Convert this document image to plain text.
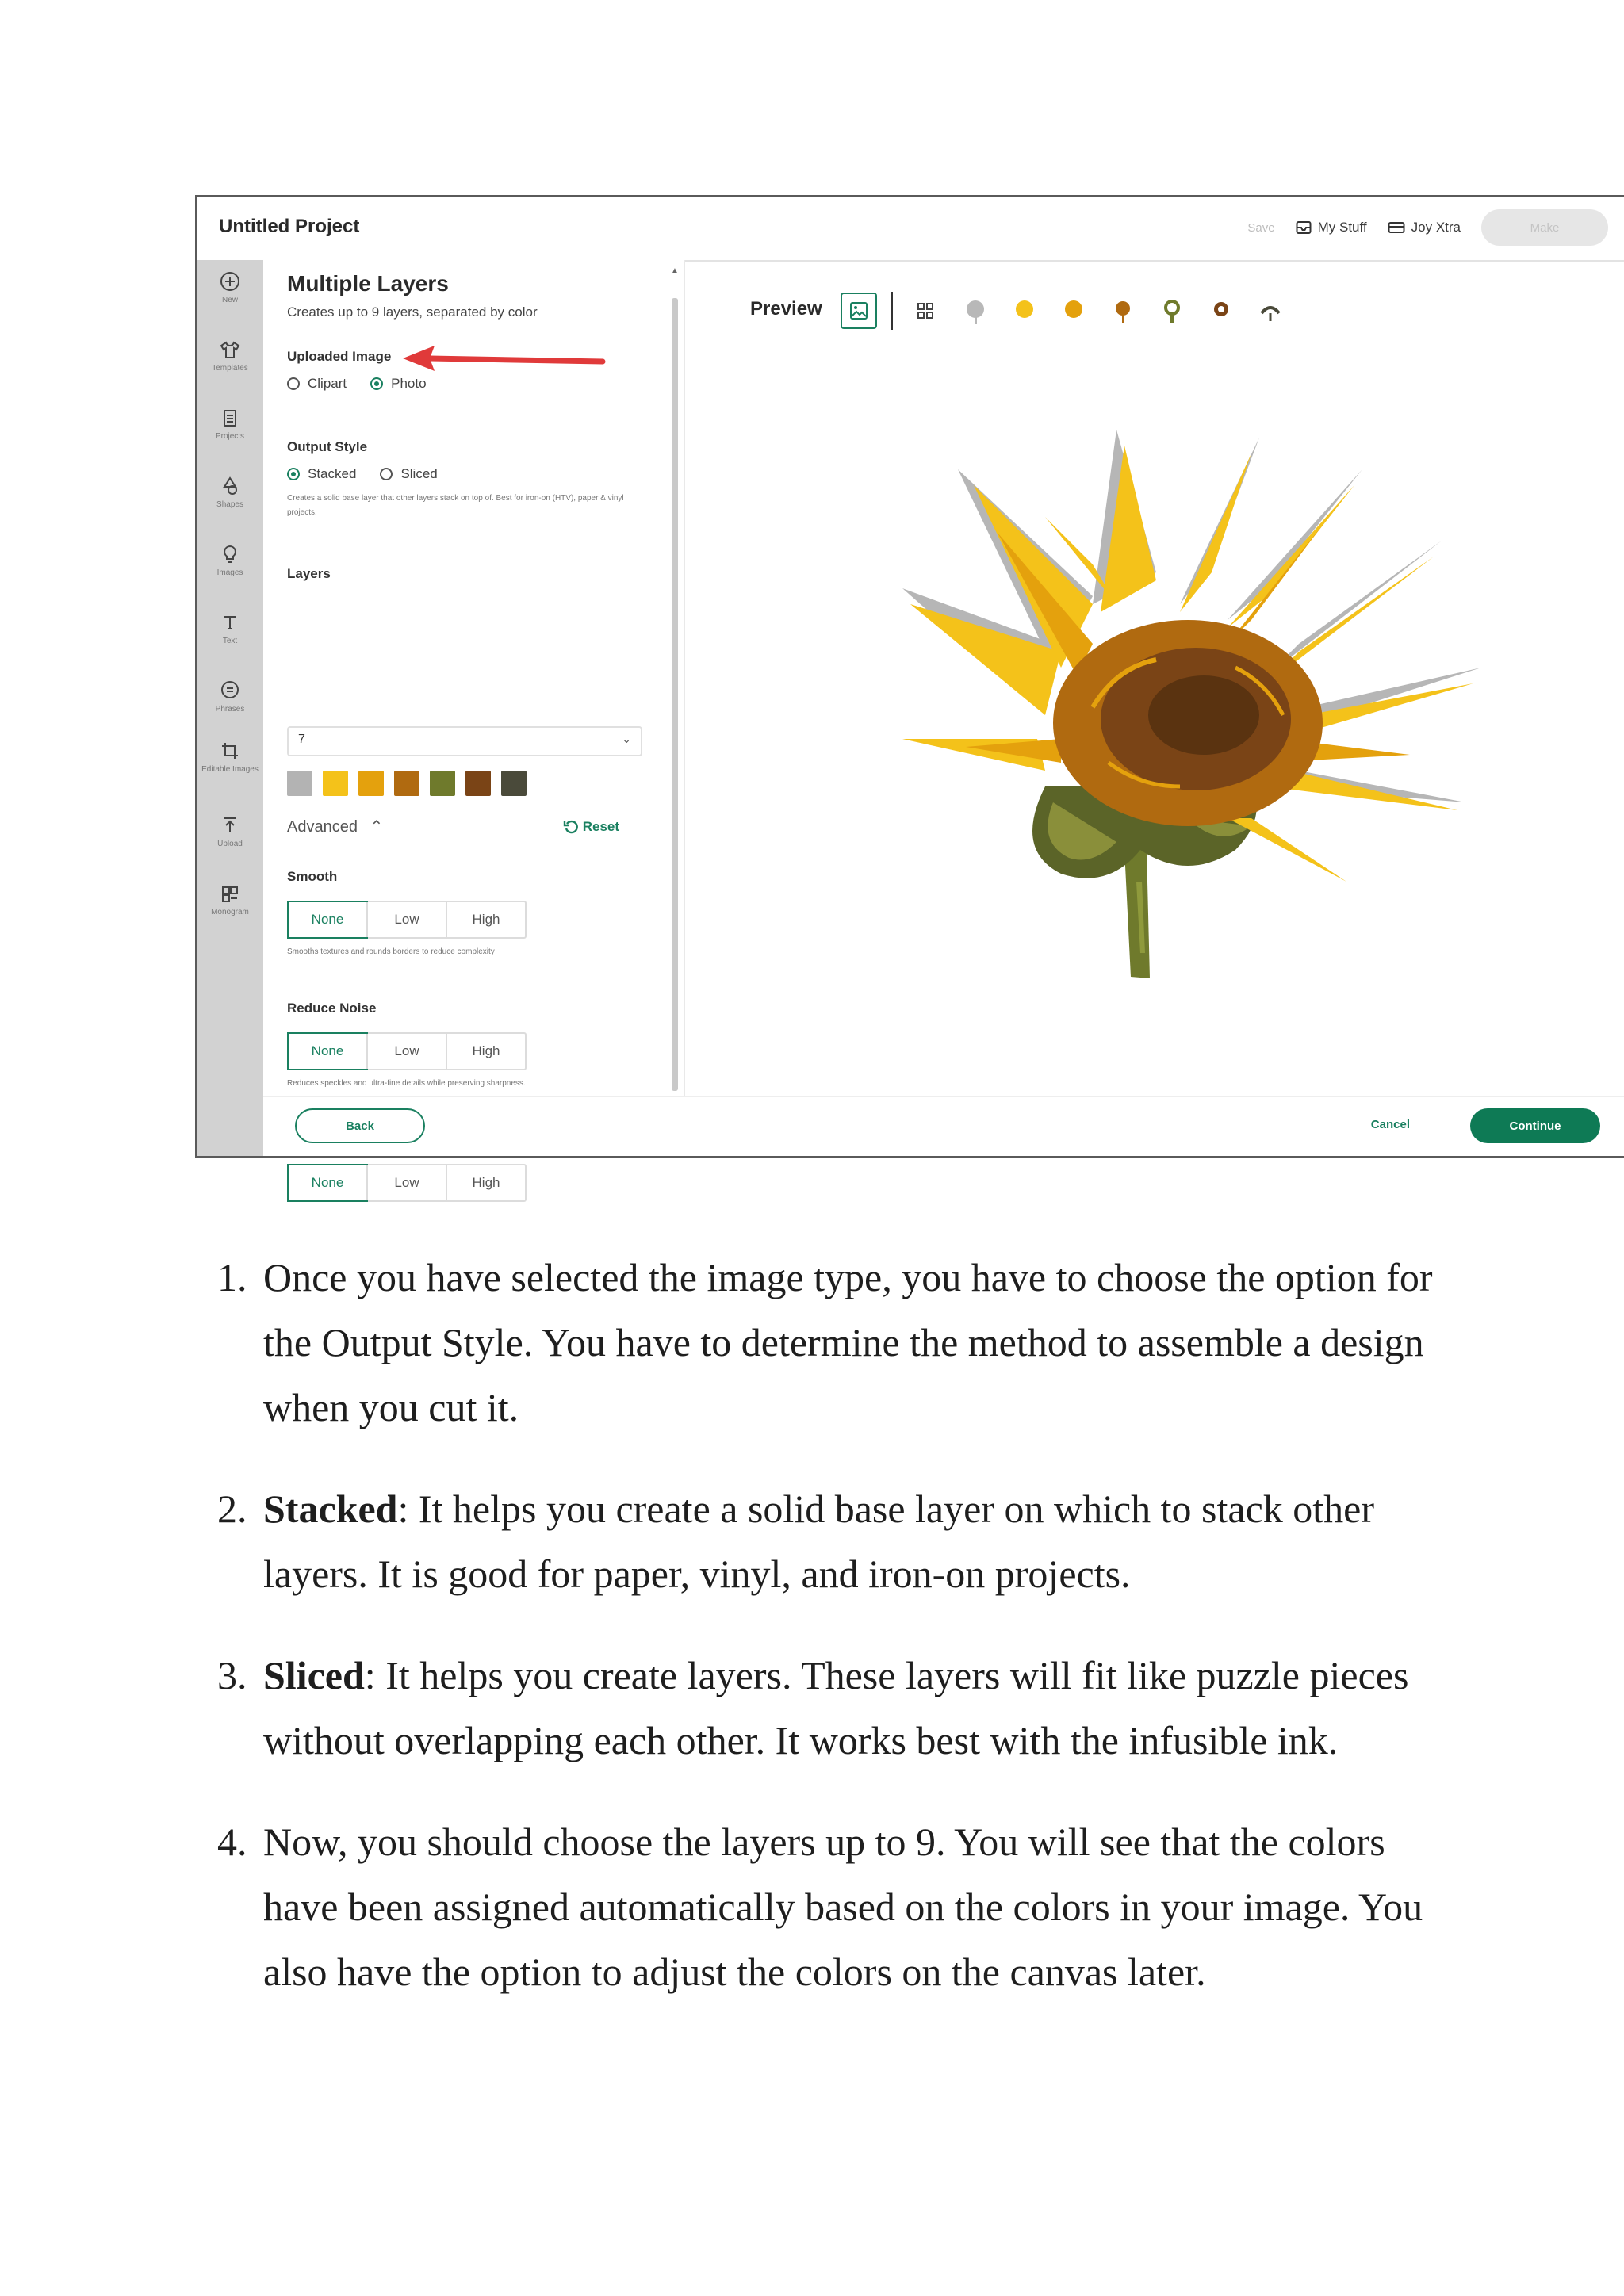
Untitled Project	Save	My Stuff	Joy Xtra	Make
New
Templates
Projects
Shapes
Images
Text
Phrases
Editable Images
Upload
Monogram
Multiple Layers
Creates up to 9 layers, separated by color
Uploaded Image
Clipart	Photo
Output Style
Stacked	Sliced
Creates a solid base layer that other layers stack on top of. Best for iron-on (HTV), paper & vinyl projects.
Layers
7	⌄
Advanced ⌃	Reset
Smooth
None	Low	High
Smooths textures and rounds borders to reduce complexity
Reduce Noise
None	Low	High
Reduces speckles and ultra-fine details while preserving sharpness.
▲
Preview
Back	Cancel	Continue
None	Low	High
1. Once you have selected the image type, you have to choose the option for the Output Style. You have to determine the method to assemble a design when you cut it.
2. Stacked: It helps you create a solid base layer on which to stack other layers. It is good for paper, vinyl, and iron-on projects.
3. Sliced: It helps you create layers. These layers will fit like puzzle pieces without overlapping each other. It works best with the infusible ink.
4. Now, you should choose the layers up to 9. You will see that the colors have been assigned automatically based on the colors in your image. You also have the option to adjust the colors on the canvas later.
